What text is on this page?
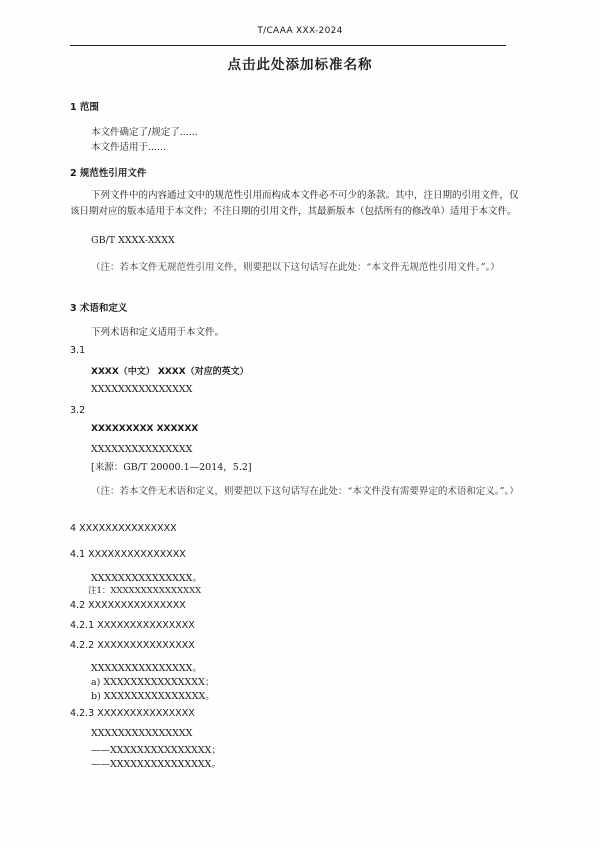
T/CAAA XXX-2024
点击此处添加标准名称
1 范围
本文件确定了/规定了......
本文件适用于......
2 规范性引用文件
下列文件中的内容通过文中的规范性引用而构成本文件必不可少的条款。其中，注日期的引用文件，仅该日期对应的版本适用于本文件；不注日期的引用文件，其最新版本（包括所有的修改单）适用于本文件。
GB/T XXXX-XXXX
（注：若本文件无规范性引用文件，则要把以下这句话写在此处：“本文件无规范性引用文件。”。）
3 术语和定义
下列术语和定义适用于本文件。
3.1
XXXX（中文） XXXX（对应的英文）
XXXXXXXXXXXXXXX
3.2
XXXXXXXXX XXXXXX
XXXXXXXXXXXXXXX
[来源：GB/T 20000.1—2014，5.2]
（注：若本文件无术语和定义，则要把以下这句话写在此处：“本文件没有需要界定的术语和定义。”。）
4 XXXXXXXXXXXXXXX
4.1 XXXXXXXXXXXXXXX
XXXXXXXXXXXXXXX。
注1：XXXXXXXXXXXXXXX
4.2 XXXXXXXXXXXXXXX
4.2.1 XXXXXXXXXXXXXXX
4.2.2 XXXXXXXXXXXXXXX
XXXXXXXXXXXXXXX。
a) XXXXXXXXXXXXXXX；
b) XXXXXXXXXXXXXXX。
4.2.3 XXXXXXXXXXXXXXX
XXXXXXXXXXXXXXX
——XXXXXXXXXXXXXXX；
——XXXXXXXXXXXXXXX。
